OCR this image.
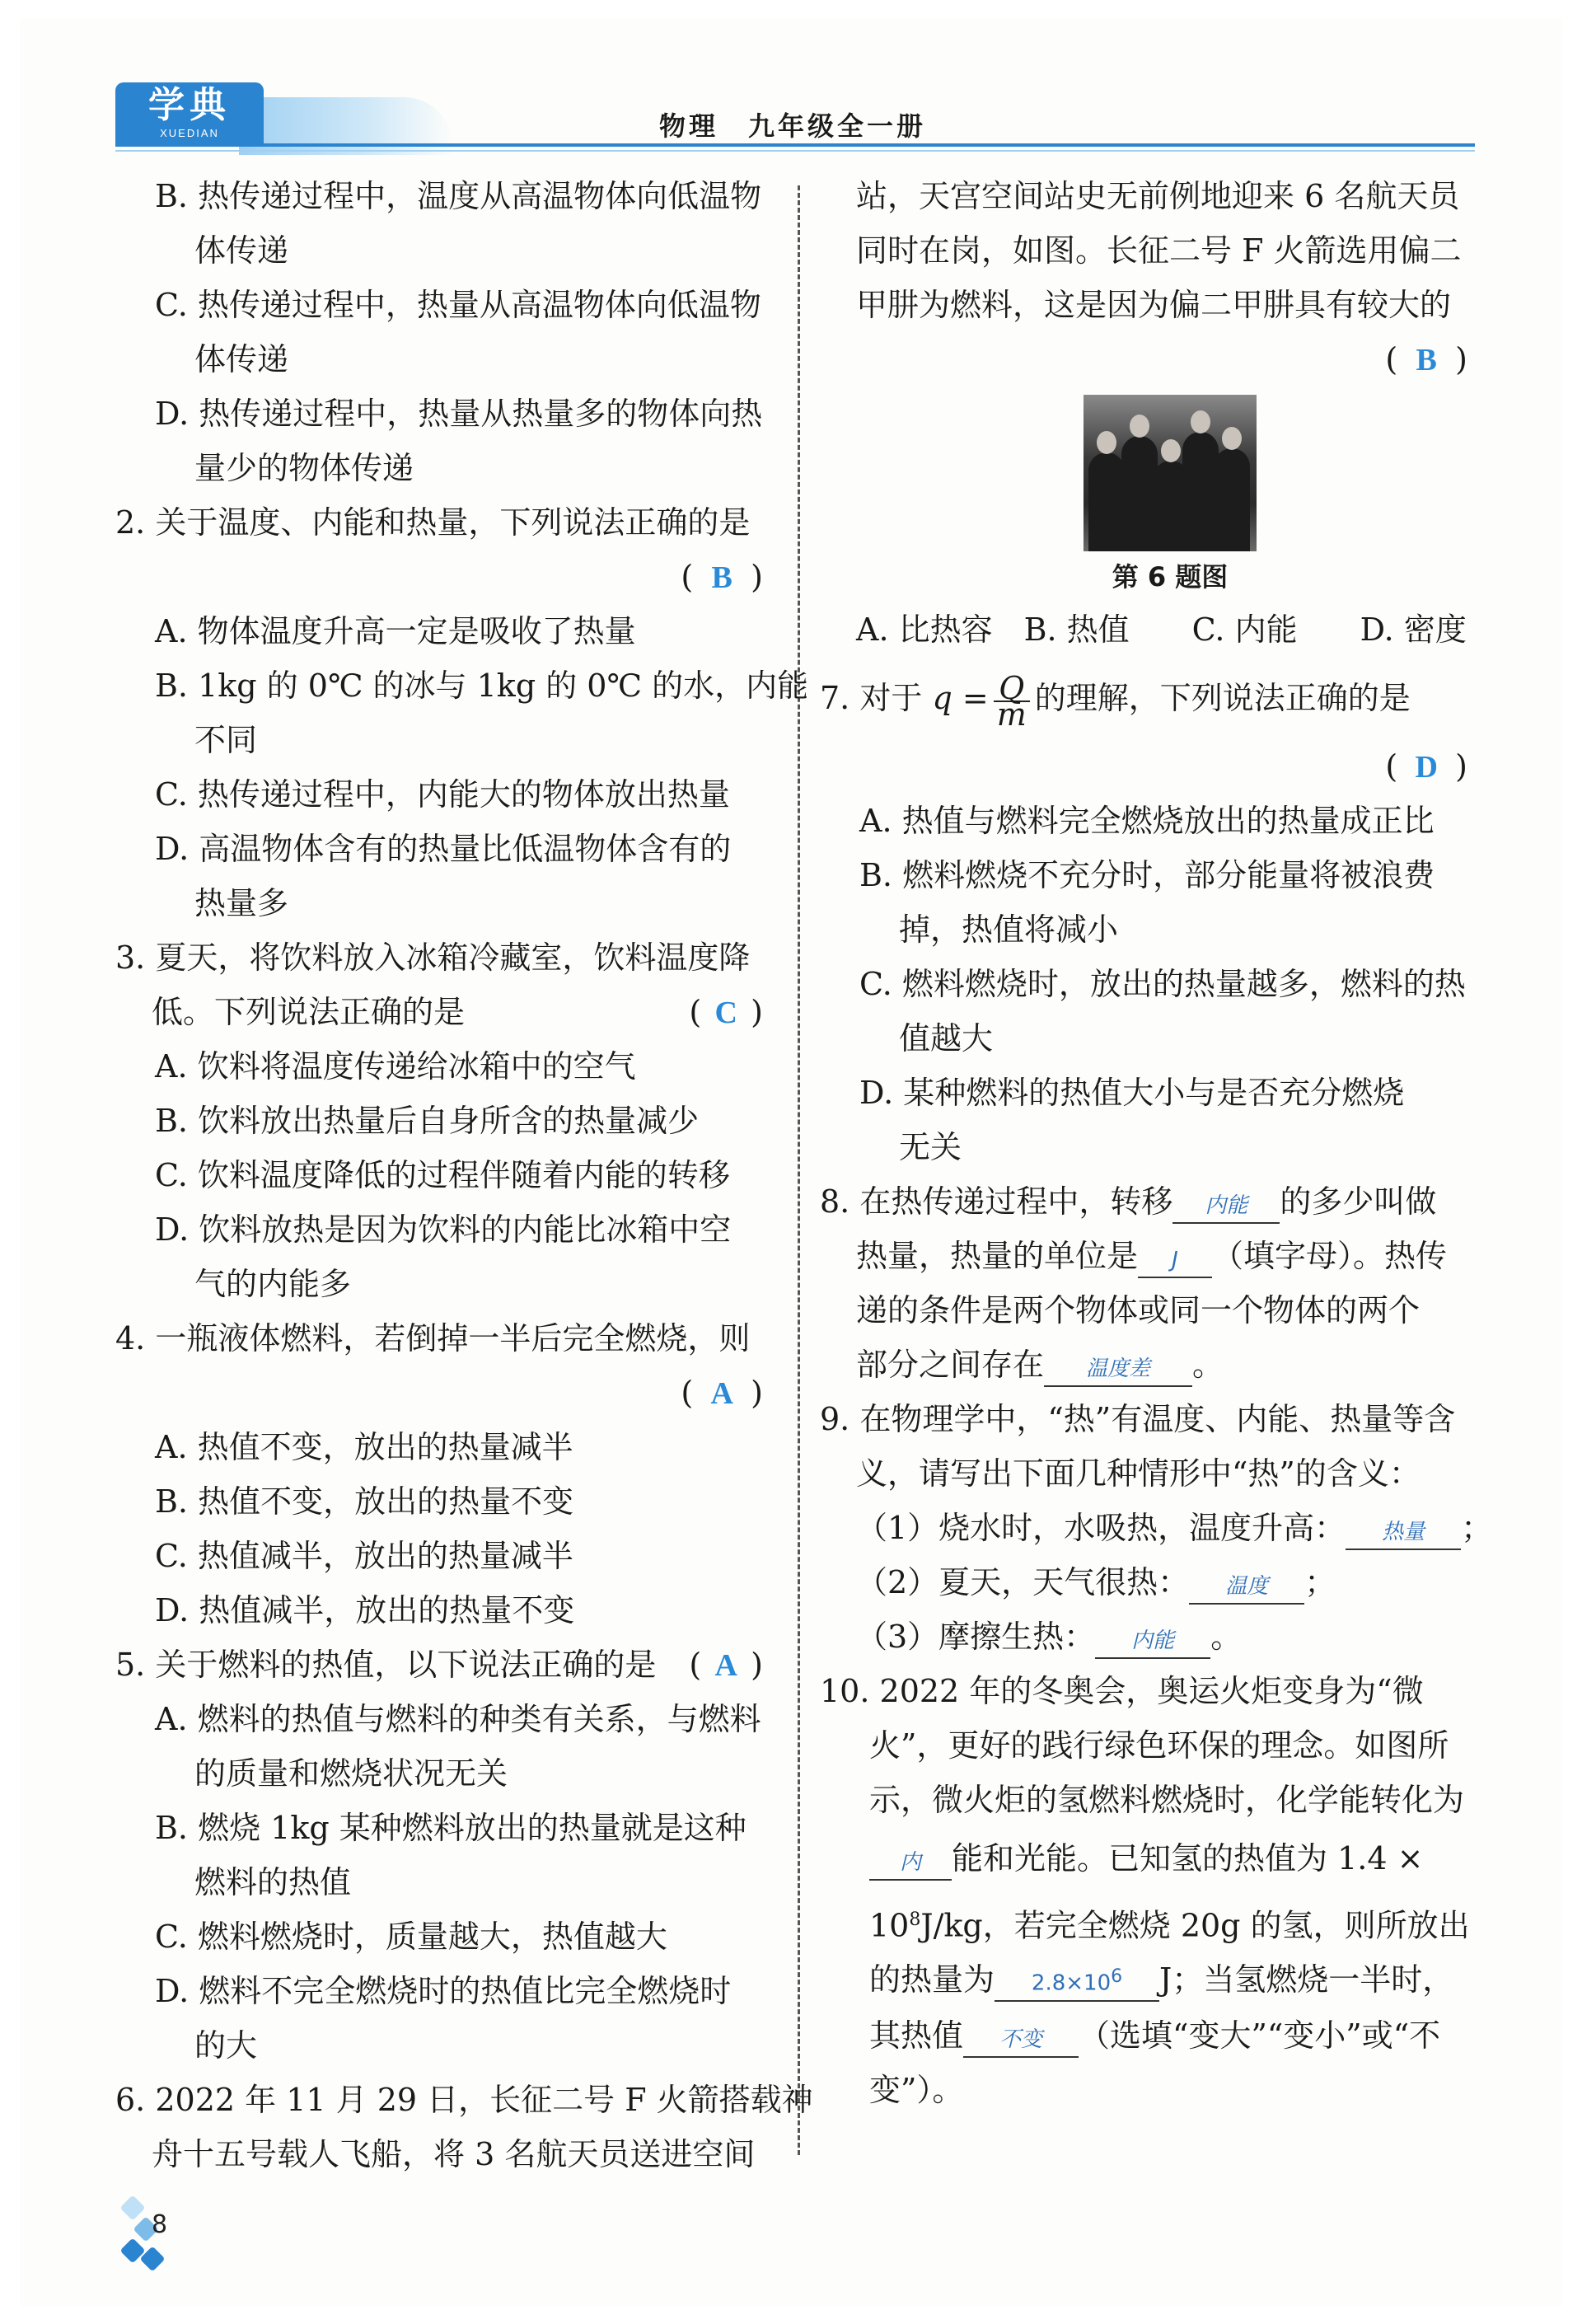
学典
XUEDIAN	物理　九年级全一册
B. 热传递过程中，温度从高温物体向低温物
体传递
C. 热传递过程中，热量从高温物体向低温物
体传递
D. 热传递过程中，热量从热量多的物体向热
量少的物体传递
2. 关于温度、内能和热量，下列说法正确的是
( B )
A. 物体温度升高一定是吸收了热量
B. 1kg 的 0℃ 的冰与 1kg 的 0℃ 的水，内能
不同
C. 热传递过程中，内能大的物体放出热量
D. 高温物体含有的热量比低温物体含有的
热量多
3. 夏天，将饮料放入冰箱冷藏室，饮料温度降
低。下列说法正确的是	( C )
A. 饮料将温度传递给冰箱中的空气
B. 饮料放出热量后自身所含的热量减少
C. 饮料温度降低的过程伴随着内能的转移
D. 饮料放热是因为饮料的内能比冰箱中空
气的内能多
4. 一瓶液体燃料，若倒掉一半后完全燃烧，则
( A )
A. 热值不变，放出的热量减半
B. 热值不变，放出的热量不变
C. 热值减半，放出的热量减半
D. 热值减半，放出的热量不变
5. 关于燃料的热值，以下说法正确的是 ( A )
A. 燃料的热值与燃料的种类有关系，与燃料
的质量和燃烧状况无关
B. 燃烧 1kg 某种燃料放出的热量就是这种
燃料的热值
C. 燃料燃烧时，质量越大，热值越大
D. 燃料不完全燃烧时的热值比完全燃烧时
的大
6. 2022 年 11 月 29 日，长征二号 F 火箭搭载神
舟十五号载人飞船，将 3 名航天员送进空间
站，天宫空间站史无前例地迎来 6 名航天员
同时在岗，如图。长征二号 F 火箭选用偏二
甲肼为燃料，这是因为偏二甲肼具有较大的
( B )
第 6 题图
A. 比热容　B. 热值　　C. 内能　　D. 密度
7. 对于 $q = \frac{Q}{m}$ 的理解，下列说法正确的是
( D )
A. 热值与燃料完全燃烧放出的热量成正比
B. 燃料燃烧不充分时，部分能量将被浪费
掉，热值将减小
C. 燃料燃烧时，放出的热量越多，燃料的热
值越大
D. 某种燃料的热值大小与是否充分燃烧
无关
8. 在热传递过程中，转移 内能 的多少叫做
热量，热量的单位是 J （填字母）。热传
递的条件是两个物体或同一个物体的两个
部分之间存在 温度差 。
9. 在物理学中，“热”有温度、内能、热量等含
义，请写出下面几种情形中“热”的含义：
（1）烧水时，水吸热，温度升高： 热量 ；
（2）夏天，天气很热： 温度 ；
（3）摩擦生热： 内能 。
10. 2022 年的冬奥会，奥运火炬变身为“微
火”，更好的践行绿色环保的理念。如图所
示，微火炬的氢燃料燃烧时，化学能转化为
内 能和光能。已知氢的热值为 1.4 ×
$10^8J/kg$，若完全燃烧 20g 的氢，则所放出
的热量为 $2.8\times 10^6$ J；当氢燃烧一半时，
其热值 不变 （选填“变大”“变小”或“不
变”）。
8
